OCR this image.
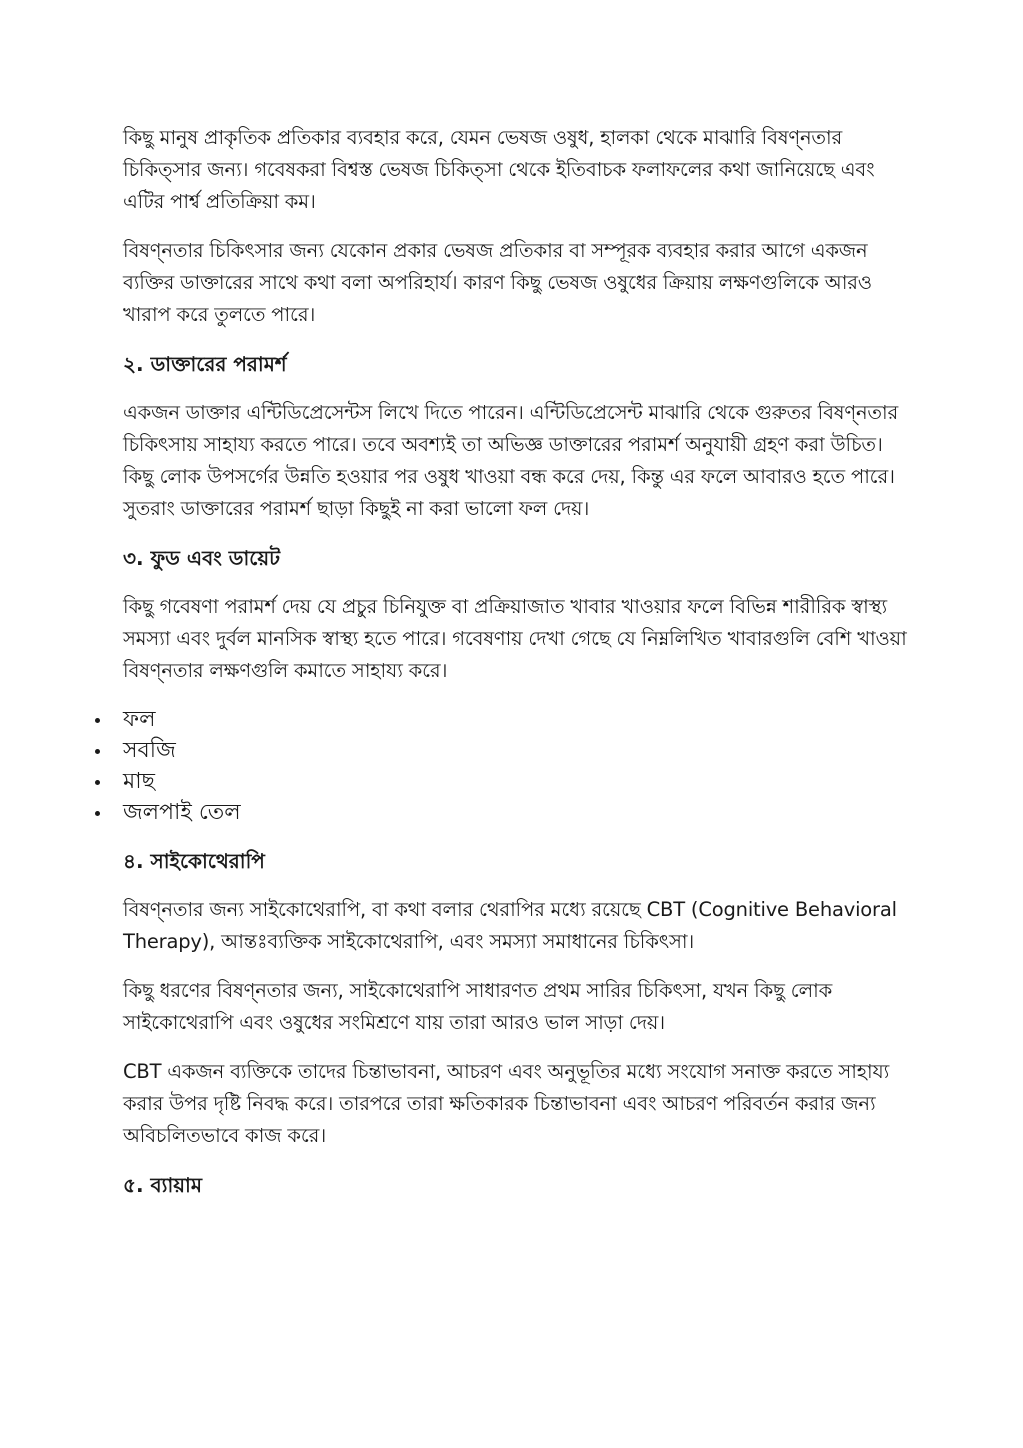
কিছু মানুষ প্রাকৃতিক প্রতিকার ব্যবহার করে, যেমন ভেষজ ওষুধ, হালকা থেকে মাঝারি বিষণ্নতার চিকিত্সার জন্য। গবেষকরা বিশ্বস্ত ভেষজ চিকিত্সা থেকে ইতিবাচক ফলাফলের কথা জানিয়েছে এবং এটির পার্শ্ব প্রতিক্রিয়া কম।

বিষণ্নতার চিকিৎসার জন্য যেকোন প্রকার ভেষজ প্রতিকার বা সম্পূরক ব্যবহার করার আগে একজন ব্যক্তির ডাক্তারের সাথে কথা বলা অপরিহার্য। কারণ কিছু ভেষজ ওষুধের ক্রিয়ায় লক্ষণগুলিকে আরও খারাপ করে তুলতে পারে।

২. ডাক্তারের পরামর্শ

একজন ডাক্তার এন্টিডিপ্রেসেন্টস লিখে দিতে পারেন। এন্টিডিপ্রেসেন্ট মাঝারি থেকে গুরুতর বিষণ্নতার চিকিৎসায় সাহায্য করতে পারে। তবে অবশ্যই তা অভিজ্ঞ ডাক্তারের পরামর্শ অনুযায়ী গ্রহণ করা উচিত। কিছু লোক উপসর্গের উন্নতি হওয়ার পর ওষুধ খাওয়া বন্ধ করে দেয়, কিন্তু এর ফলে আবারও হতে পারে। সুতরাং ডাক্তারের পরামর্শ ছাড়া কিছুই না করা ভালো ফল দেয়।

৩. ফুড এবং ডায়েট

কিছু গবেষণা পরামর্শ দেয় যে প্রচুর চিনিযুক্ত বা প্রক্রিয়াজাত খাবার খাওয়ার ফলে বিভিন্ন শারীরিক স্বাস্থ্য সমস্যা এবং দুর্বল মানসিক স্বাস্থ্য হতে পারে। গবেষণায় দেখা গেছে যে নিম্নলিখিত খাবারগুলি বেশি খাওয়া বিষণ্নতার লক্ষণগুলি কমাতে সাহায্য করে।

ফল
সবজি
মাছ
জলপাই তেল
৪. সাইকোথেরাপি

বিষণ্নতার জন্য সাইকোথেরাপি, বা কথা বলার থেরাপির মধ্যে রয়েছে CBT (Cognitive Behavioral Therapy), আন্তঃব্যক্তিক সাইকোথেরাপি, এবং সমস্যা সমাধানের চিকিৎসা।

কিছু ধরণের বিষণ্নতার জন্য, সাইকোথেরাপি সাধারণত প্রথম সারির চিকিৎসা, যখন কিছু লোক সাইকোথেরাপি এবং ওষুধের সংমিশ্রণে যায় তারা আরও ভাল সাড়া দেয়।

CBT একজন ব্যক্তিকে তাদের চিন্তাভাবনা, আচরণ এবং অনুভূতির মধ্যে সংযোগ সনাক্ত করতে সাহায্য করার উপর দৃষ্টি নিবদ্ধ করে। তারপরে তারা ক্ষতিকারক চিন্তাভাবনা এবং আচরণ পরিবর্তন করার জন্য অবিচলিতভাবে কাজ করে।

৫. ব্যায়াম
